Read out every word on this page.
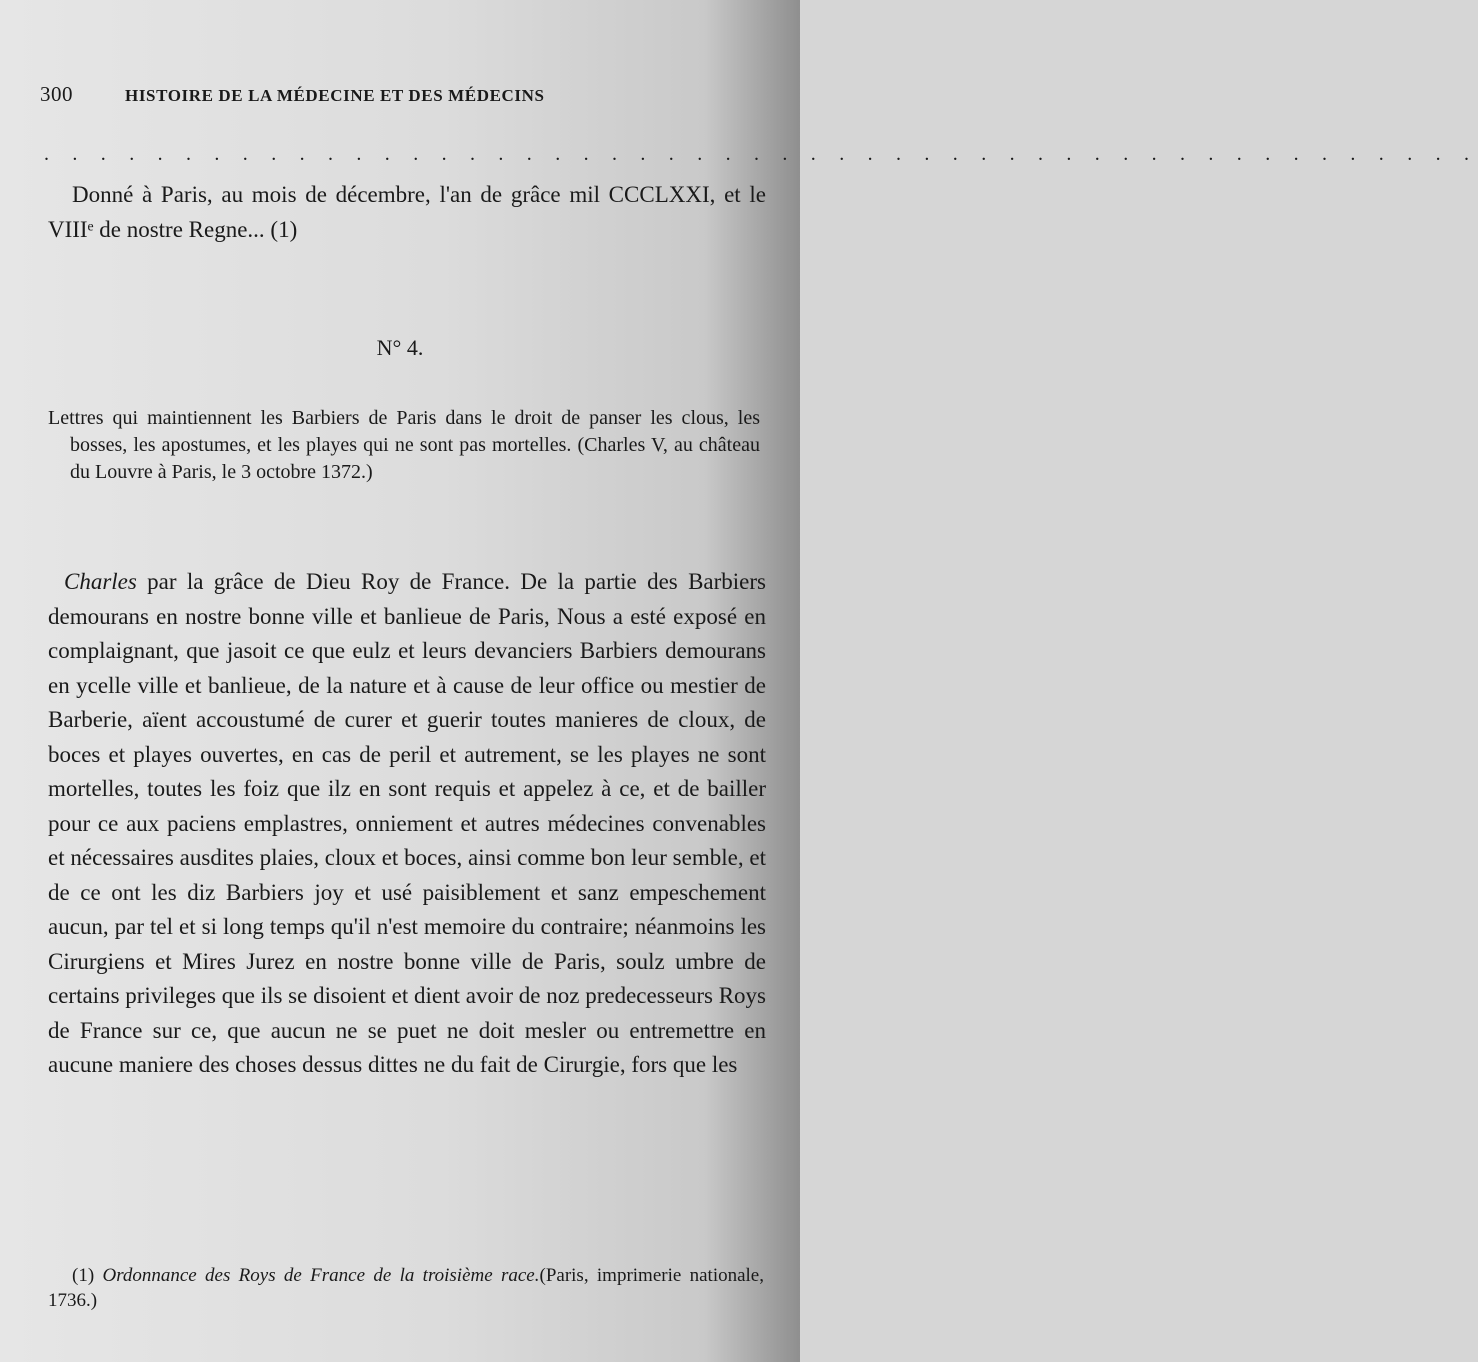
300	HISTOIRE DE LA MÉDECINE ET DES MÉDECINS
. . . . . . . . . . . . . . . . . . . . . . . . . . . . . . . . . . . . . . . . . . . . . . . . . . .

Donné à Paris, au mois de décembre, l'an de grâce mil CCCLXXI, et le VIIIᵉ de nostre Regne... (1)

N° 4.
Lettres qui maintiennent les Barbiers de Paris dans le droit de panser les clous, les bosses, les apostumes, et les playes qui ne sont pas mortelles. (Charles V, au château du Louvre à Paris, le 3 octobre 1372.)

Charles par la grâce de Dieu Roy de France. De la partie des Barbiers demourans en nostre bonne ville et banlieue de Paris, Nous a esté exposé en complaignant, que jasoit ce que eulz et leurs devanciers Barbiers demourans en ycelle ville et banlieue, de la nature et à cause de leur office ou mestier de Barberie, aïent accoustumé de curer et guerir toutes manieres de cloux, de boces et playes ouvertes, en cas de peril et autrement, se les playes ne sont mortelles, toutes les foiz que ilz en sont requis et appelez à ce, et de bailler pour ce aux paciens emplastres, onniement et autres médecines convenables et nécessaires ausdites plaies, cloux et boces, ainsi comme bon leur semble, et de ce ont les diz Barbiers joy et usé paisiblement et sanz empeschement aucun, par tel et si long temps qu'il n'est memoire du contraire; néanmoins les Cirurgiens et Mires Jurez en nostre bonne ville de Paris, soulz umbre de certains privileges que ils se disoient et dient avoir de noz predecesseurs Roys de France sur ce, que aucun ne se puet ne doit mesler ou entremettre en aucune maniere des choses dessus dittes ne du fait de Cirurgie, fors que les

(1) Ordonnance des Roys de France de la troisième race.(Paris, imprimerie nationale, 1736.)
